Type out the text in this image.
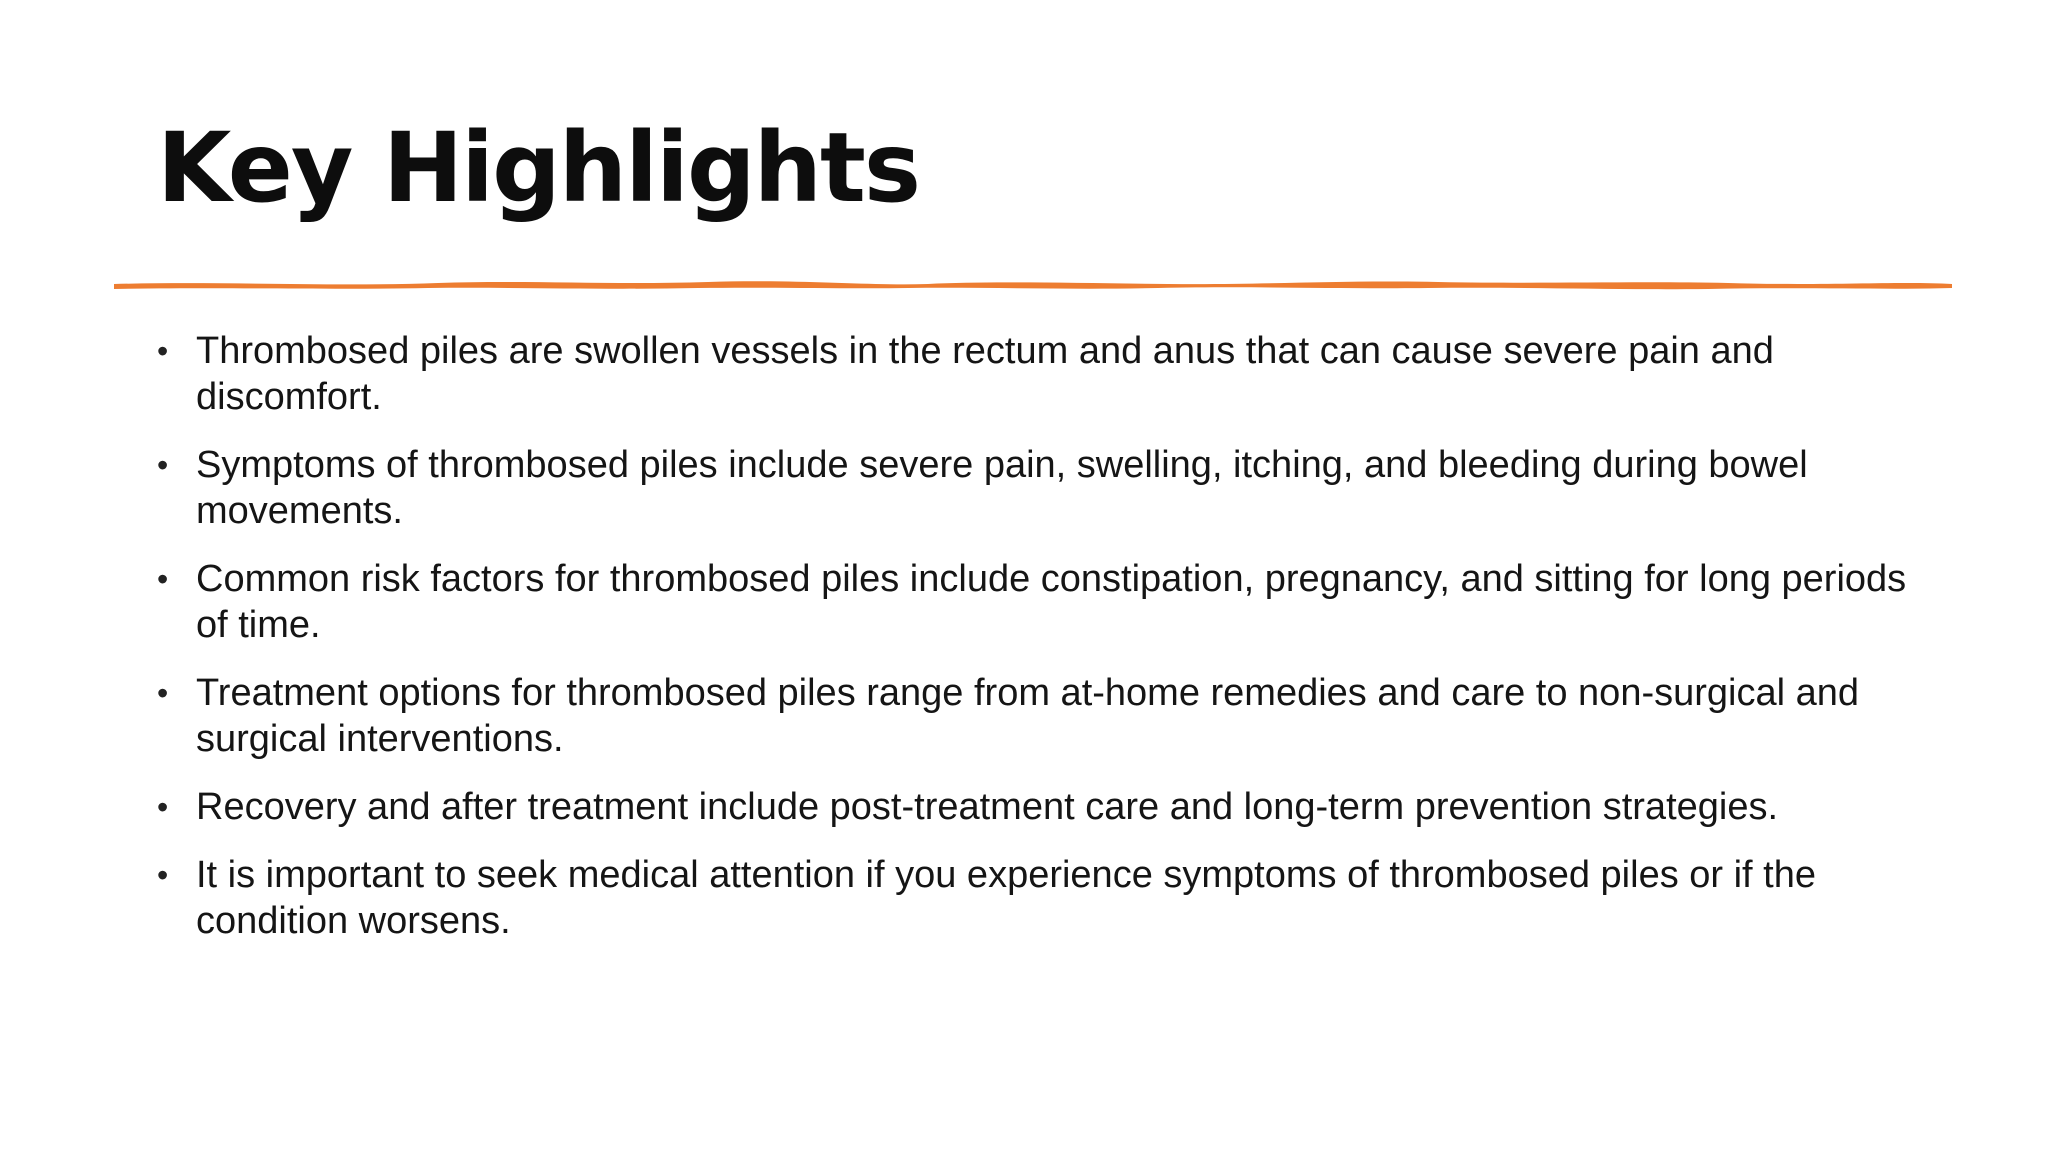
Key Highlights
• Thrombosed piles are swollen vessels in the rectum and anus that can cause severe pain and discomfort.
• Symptoms of thrombosed piles include severe pain, swelling, itching, and bleeding during bowel movements.
• Common risk factors for thrombosed piles include constipation, pregnancy, and sitting for long periods of time.
• Treatment options for thrombosed piles range from at-home remedies and care to non-surgical and surgical interventions.
• Recovery and after treatment include post-treatment care and long-term prevention strategies.
• It is important to seek medical attention if you experience symptoms of thrombosed piles or if the condition worsens.
